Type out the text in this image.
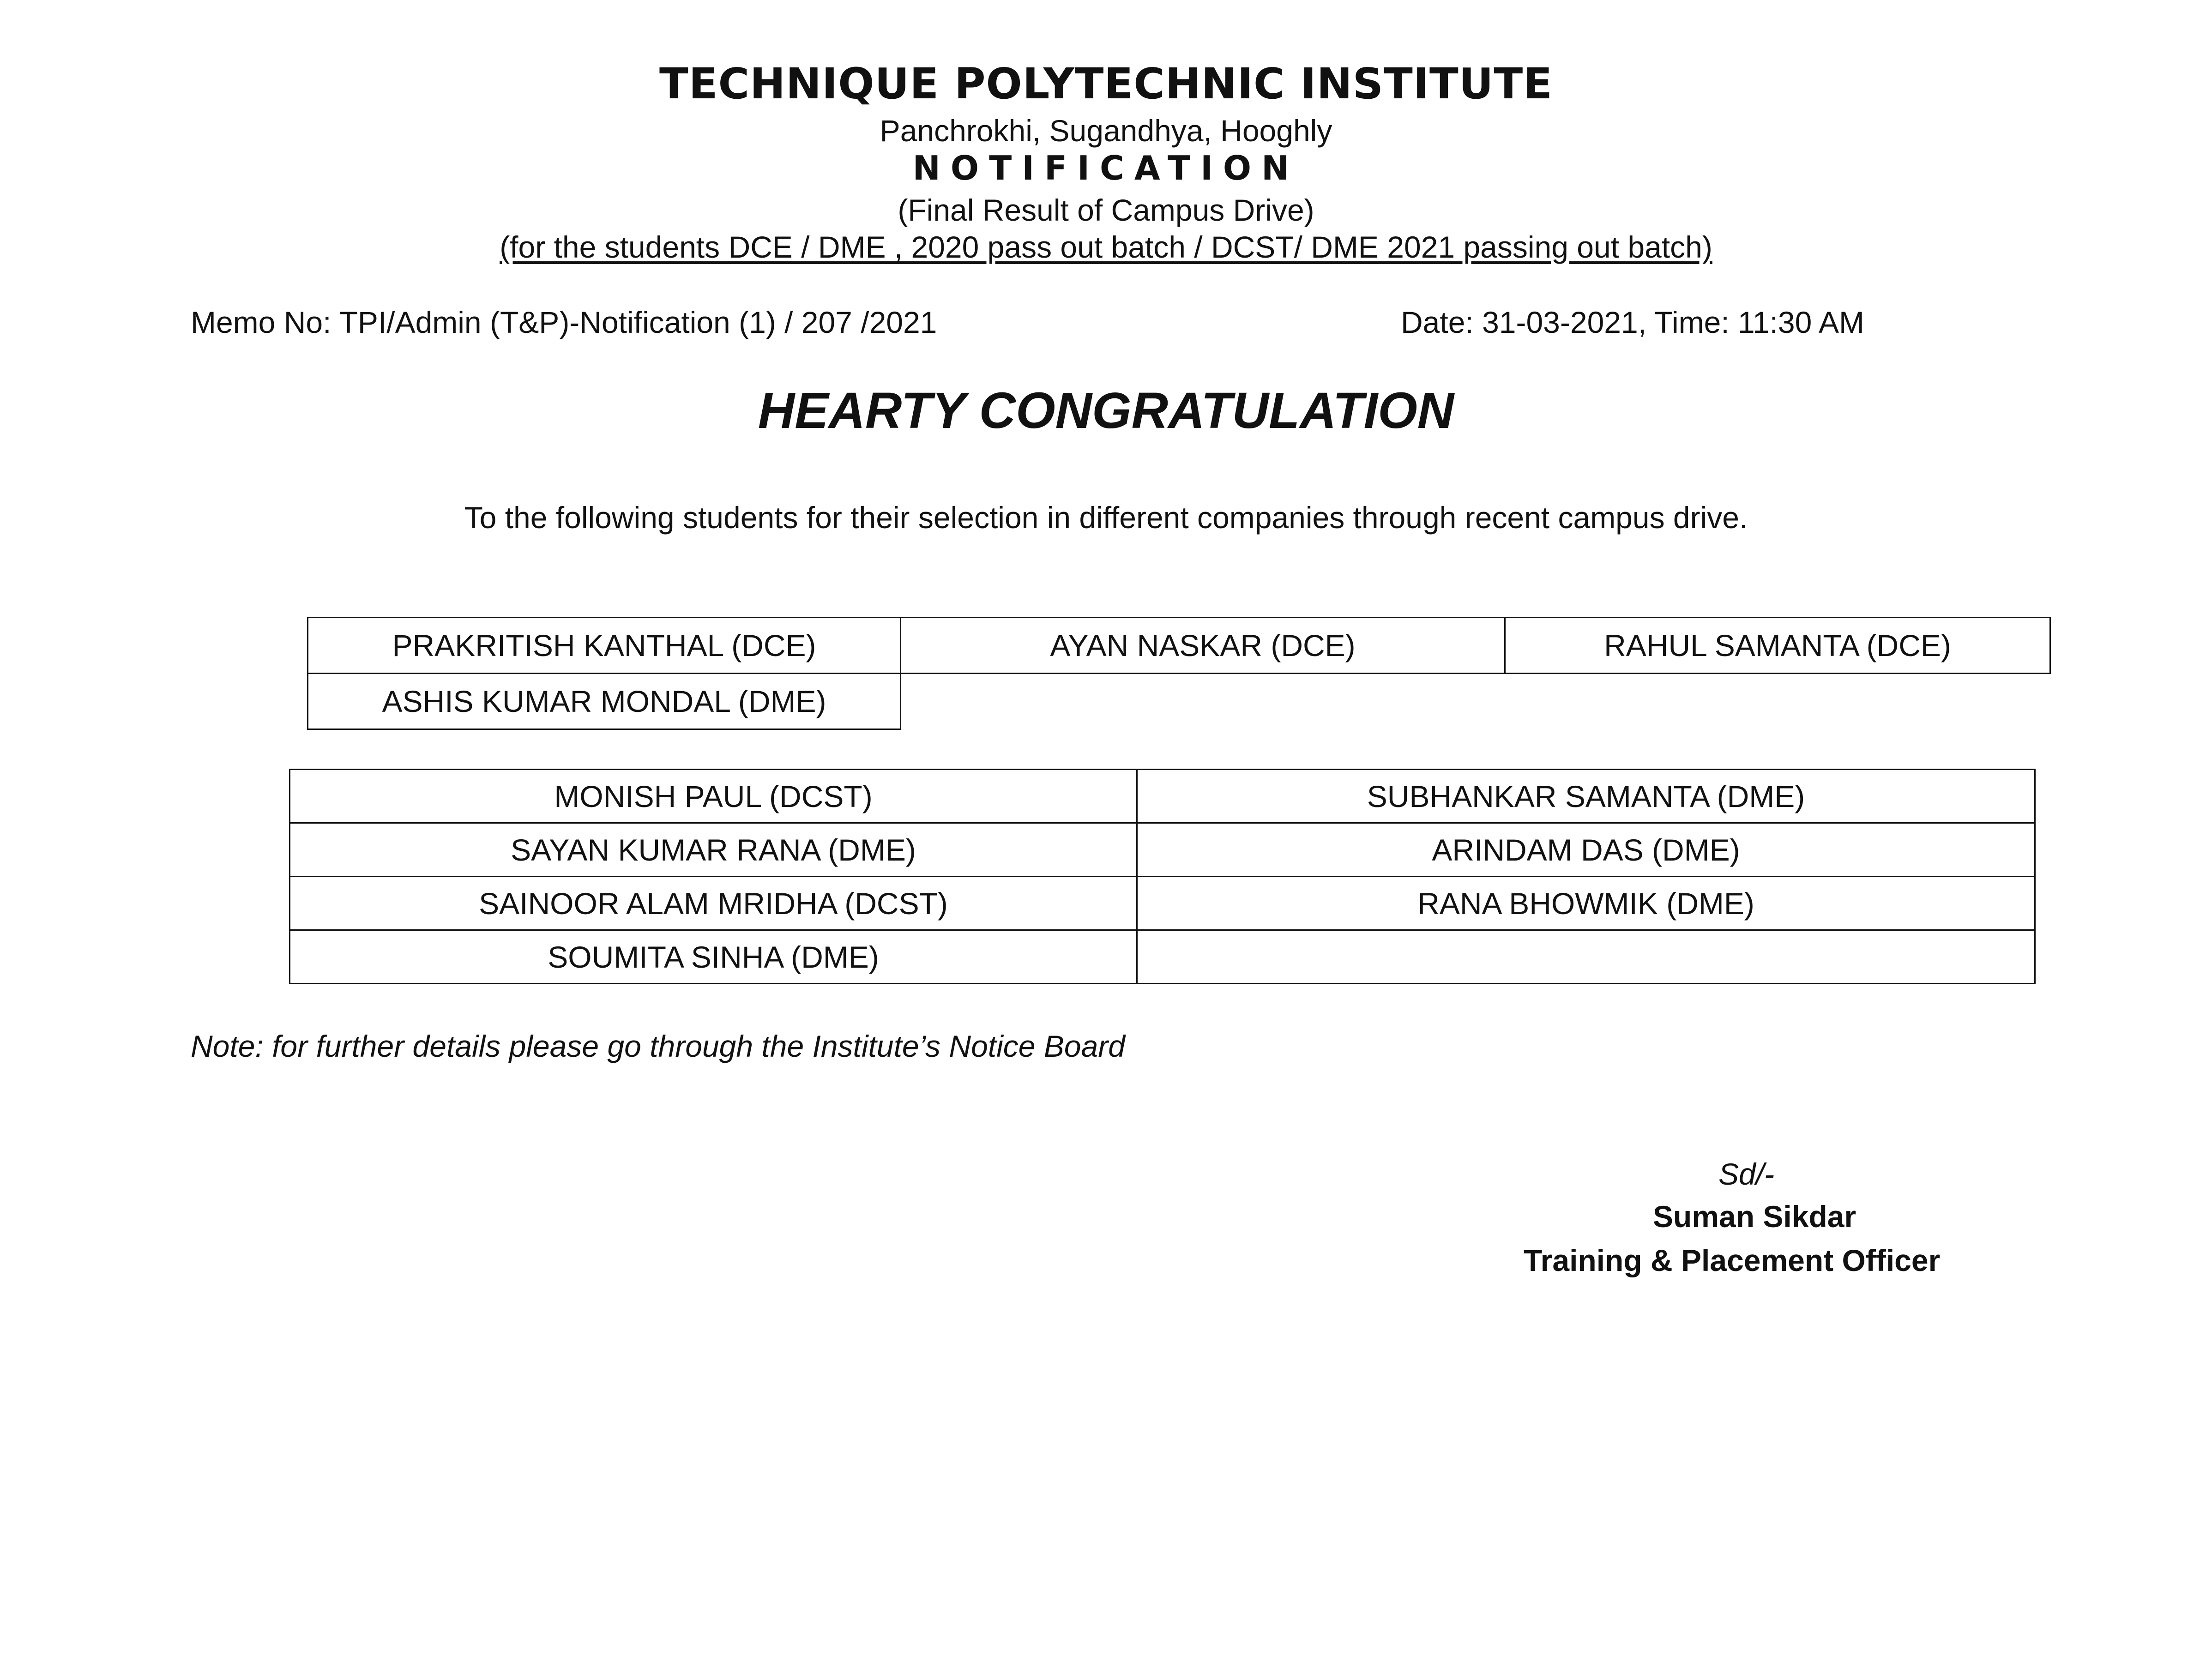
TECHNIQUE POLYTECHNIC INSTITUTE
Panchrokhi, Sugandhya, Hooghly
NOTIFICATION
(Final Result of Campus Drive)
(for the students DCE / DME , 2020 pass out batch / DCST/ DME 2021 passing out batch)
Memo No: TPI/Admin (T&P)-Notification (1) / 207 /2021	Date: 31-03-2021, Time: 11:30 AM
HEARTY CONGRATULATION
To the following students for their selection in different companies through recent campus drive.
PRAKRITISH KANTHAL (DCE)	AYAN NASKAR (DCE)	RAHUL SAMANTA (DCE)
ASHIS KUMAR MONDAL (DME)		
MONISH PAUL (DCST)	SUBHANKAR SAMANTA (DME)
SAYAN KUMAR RANA (DME)	ARINDAM DAS (DME)
SAINOOR ALAM MRIDHA (DCST)	RANA BHOWMIK (DME)
SOUMITA SINHA (DME)	
Note: for further details please go through the Institute’s Notice Board
Sd/-
Suman Sikdar
Training & Placement Officer
